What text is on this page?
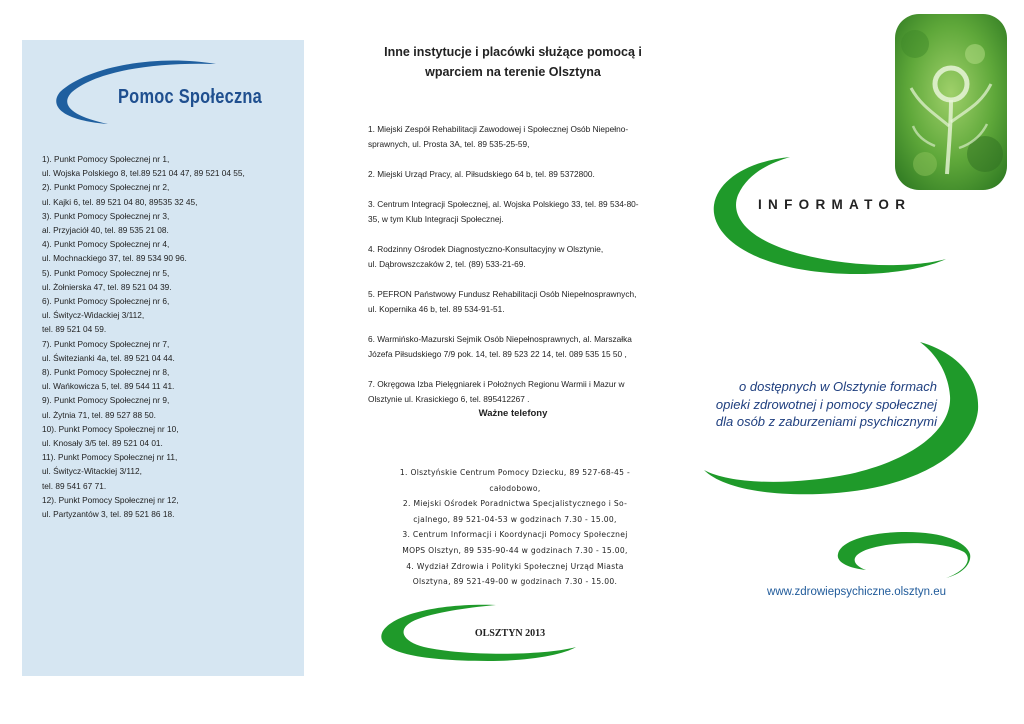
Pomoc Społeczna
1). Punkt Pomocy Społecznej nr 1,
ul. Wojska Polskiego 8, tel.89 521 04 47, 89 521 04 55,
2). Punkt Pomocy Społecznej nr 2,
ul. Kajki 6, tel. 89 521 04 80, 89535 32 45,
3). Punkt Pomocy Społecznej nr 3,
al. Przyjaciół 40, tel. 89 535 21 08.
4). Punkt Pomocy Społecznej nr 4,
ul. Mochnackiego 37, tel. 89 534 90 96.
5). Punkt Pomocy Społecznej nr 5,
ul. Żołnierska 47, tel. 89 521 04 39.
6). Punkt Pomocy Społecznej nr 6,
ul. Świtycz-Widackiej 3/112,
tel. 89 521 04 59.
7). Punkt Pomocy Społecznej nr 7,
ul. Świtezianki 4a, tel. 89 521 04 44.
8). Punkt Pomocy Społecznej nr 8,
ul. Wańkowicza 5, tel. 89 544 11 41.
9). Punkt Pomocy Społecznej nr 9,
ul. Żytnia 71, tel. 89 527 88 50.
10). Punkt Pomocy Społecznej nr 10,
ul. Knosały 3/5 tel. 89 521 04 01.
11). Punkt Pomocy Społecznej nr 11,
ul. Świtycz-Witackiej 3/112,
tel. 89 541 67 71.
12). Punkt Pomocy Społecznej nr 12,
ul. Partyzantów 3, tel. 89 521 86 18.
Inne instytucje i placówki służące pomocą i
wparciem na terenie Olsztyna

1. Miejski Zespół Rehabilitacji Zawodowej i Społecznej Osób Niepełno-
sprawnych, ul. Prosta 3A, tel. 89 535-25-59,

2. Miejski Urząd Pracy, al. Piłsudskiego 64 b, tel. 89 5372800.

3. Centrum Integracji Społecznej, al. Wojska Polskiego 33, tel. 89 534-80-
35, w tym Klub Integracji Społecznej.

4. Rodzinny Ośrodek Diagnostyczno-Konsultacyjny w Olsztynie,
ul. Dąbrowszczaków 2, tel. (89) 533-21-69.

5. PEFRON Państwowy Fundusz Rehabilitacji Osób Niepełnosprawnych,
ul. Kopernika 46 b, tel. 89 534-91-51.

6. Warmińsko-Mazurski Sejmik Osób Niepełnosprawnych, al. Marszałka
Józefa Piłsudskiego 7/9 pok. 14, tel. 89 523 22 14, tel. 089 535 15 50 ,

7. Okręgowa Izba Pielęgniarek i Położnych Regionu Warmii i Mazur w
Olsztynie ul. Krasickiego 6, tel. 895412267 .

Ważne telefony
1. Olsztyńskie Centrum Pomocy Dziecku, 89 527-68-45 -
całodobowo,
2. Miejski Ośrodek Poradnictwa Specjalistycznego i So-
cjalnego, 89 521-04-53 w godzinach 7.30 - 15.00,
3. Centrum Informacji i Koordynacji Pomocy Społecznej
MOPS Olsztyn, 89 535-90-44 w godzinach 7.30 - 15.00,
4. Wydział Zdrowia i Polityki Społecznej Urząd Miasta
Olsztyna, 89 521-49-00 w godzinach 7.30 - 15.00.
OLSZTYN 2013
INFORMATOR
o dostępnych w Olsztynie formach
opieki zdrowotnej i pomocy społecznej
dla osób z zaburzeniami psychicznymi
www.zdrowiepsychiczne.olsztyn.eu
